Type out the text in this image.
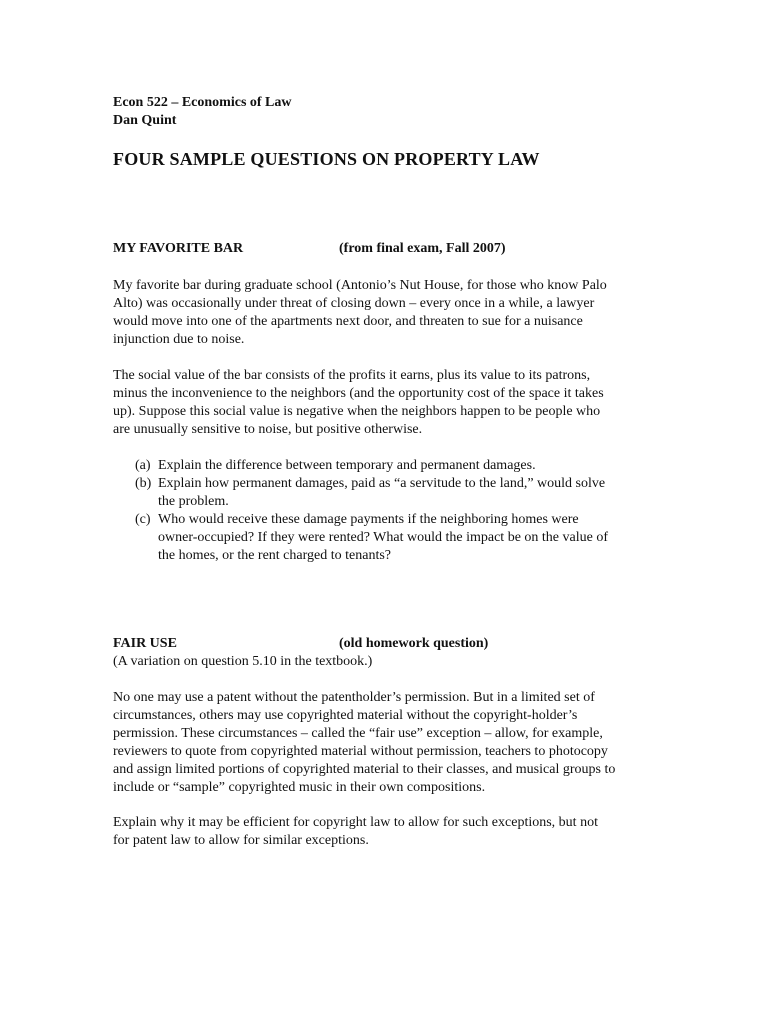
Econ 522 – Economics of Law
Dan Quint
FOUR SAMPLE QUESTIONS ON PROPERTY LAW
MY FAVORITE BAR	(from final exam, Fall 2007)
My favorite bar during graduate school (Antonio’s Nut House, for those who know Palo
Alto) was occasionally under threat of closing down – every once in a while, a lawyer
would move into one of the apartments next door, and threaten to sue for a nuisance
injunction due to noise.
The social value of the bar consists of the profits it earns, plus its value to its patrons,
minus the inconvenience to the neighbors (and the opportunity cost of the space it takes
up). Suppose this social value is negative when the neighbors happen to be people who
are unusually sensitive to noise, but positive otherwise.
(a) Explain the difference between temporary and permanent damages.
(b) Explain how permanent damages, paid as “a servitude to the land,” would solve
the problem.
(c) Who would receive these damage payments if the neighboring homes were
owner-occupied? If they were rented? What would the impact be on the value of
the homes, or the rent charged to tenants?
FAIR USE	(old homework question)
(A variation on question 5.10 in the textbook.)
No one may use a patent without the patentholder’s permission. But in a limited set of
circumstances, others may use copyrighted material without the copyright-holder’s
permission. These circumstances – called the “fair use” exception – allow, for example,
reviewers to quote from copyrighted material without permission, teachers to photocopy
and assign limited portions of copyrighted material to their classes, and musical groups to
include or “sample” copyrighted music in their own compositions.
Explain why it may be efficient for copyright law to allow for such exceptions, but not
for patent law to allow for similar exceptions.
